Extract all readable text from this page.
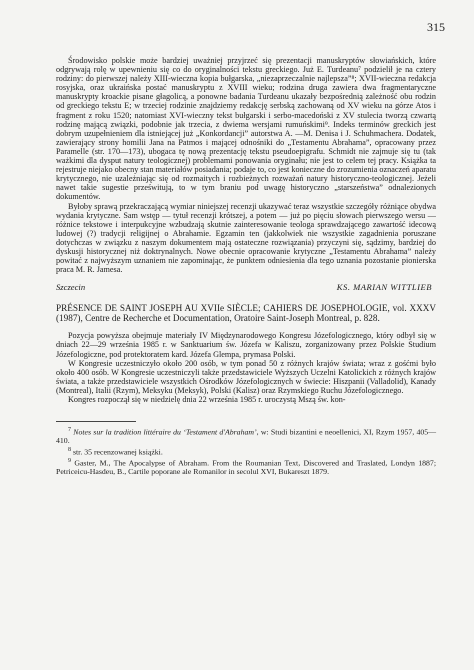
315

Środowisko polskie może bardziej uważniej przyjrzeć się prezentacji manuskryptów słowiańskich, które odgrywają rolę w upewnieniu się co do oryginalności tekstu greckiego. Już E. Turdeanu⁷ podzielił je na cztery rodziny: do pierwszej należy XIII-wieczna kopia bułgarska, „niezaprzeczalnie najlepsza”⁸; XVII-wieczna redakcja rosyjska, oraz ukraińska postać manuskryptu z XVIII wieku; rodzina druga zawiera dwa fragmentaryczne manuskrypty kroackie pisane głagolicą, a ponowne badania Turdeanu ukazały bezpośrednią zależność obu rodzin od greckiego tekstu E; w trzeciej rodzinie znajdziemy redakcję serbską zachowaną od XV wieku na górze Atos i fragment z roku 1520; natomiast XVI-wieczny tekst bułgarski i serbo-macedoński z XV stulecia tworzą czwartą rodzinę mającą związki, podobnie jak trzecia, z dwiema wersjami rumuńskimi⁹. Indeks terminów greckich jest dobrym uzupełnieniem dla istniejącej już „Konkordancji” autorstwa A. —M. Denisa i J. Schuhmachera. Dodatek, zawierający strony homilii Jana na Patmos i mającej odnośniki do „Testamentu Abrahama”, opracowany przez Paramelle (str. 170—173), ubogaca tę nową prezentację tekstu pseudoepigrafu. Schmidt nie zajmuje się tu (tak ważkimi dla dysput natury teologicznej) problemami ponowania oryginału; nie jest to celem tej pracy. Książka ta rejestruje niejako obecny stan materiałów posiadania; podaje to, co jest konieczne do zrozumienia oznaczeń aparatu krytycznego, nie uzależniając się od rozmaitych i rozbieżnych rozważań natury historyczno-teologicznej. Jeżeli nawet takie sugestie prześwitują, to w tym braniu pod uwagę historyczno „starszeństwa” odnalezionych dokumentów.

Byłoby sprawą przekraczającą wymiar niniejszej recenzji ukazywać teraz wszystkie szczegóły różniące obydwa wydania krytyczne. Sam wstęp — tytuł recenzji krótszej, a potem — już po pięciu słowach pierwszego wersu — różnice tekstowe i interpukcyjne wzbudzają skutnie zainteresowanie teologa sprawdzającego zawartość idecową ludowej (?) tradycji religijnej o Abrahamie. Egzamin ten (jakkolwiek nie wszystkie zagadnienia poruszane dotychczas w związku z naszym dokumentem mają ostateczne rozwiązania) przyczyni się, sądzimy, bardziej do dyskusji historycznej niż doktrynalnych. Nowe obecnie opracowanie krytyczne „Testamentu Abrahama” należy powitać z najwyższym uznaniem nie zapominając, że punktem odniesienia dla tego uznania pozostanie pionierska praca M. R. Jamesa.

Szczecin	KS. MARIAN WITTLIEB

PRÉSENCE DE SAINT JOSEPH AU XVIIe SIÈCLE; CAHIERS DE JOSEPHOLOGIE, vol. XXXV (1987), Centre de Recherche et Documentation, Oratoire Saint-Joseph Montreal, p. 828.

Pozycja powyższa obejmuje materiały IV Międzynarodowego Kongresu Józefologicznego, który odbył się w dniach 22—29 września 1985 r. w Sanktuarium św. Józefa w Kaliszu, zorganizowany przez Polskie Studium Józefologiczne, pod protektoratem kard. Józefa Glempa, prymasa Polski.

W Kongresie uczestniczyło około 200 osób, w tym ponad 50 z różnych krajów świata; wraz z gośćmi było około 400 osób. W Kongresie uczestniczyli także przedstawiciele Wyższych Uczelni Katolickich z różnych krajów świata, a także przedstawiciele wszystkich Ośrodków Józefologicznych w świecie: Hiszpanii (Valladolid), Kanady (Montreal), Italii (Rzym), Meksyku (Meksyk), Polski (Kalisz) oraz Rzymskiego Ruchu Józefologicznego.

Kongres rozpoczął się w niedzielę dnia 22 września 1985 r. uroczystą Mszą św. kon-

$^7$ Notes sur la tradition littéraire du ‘Testament d'Abraham’, w: Studi bizantini e neoellenici, XI, Rzym 1957, 405—410.

$^8$ str. 35 recenzowanej książki.

$^9$ Gaster, M., The Apocalypse of Abraham. From the Roumanian Text, Discovered and Traslated, Londyn 1887; Petriceicu-Hasdeu, B., Cartile poporane ale Romanilor in secolul XVI, Bukareszt 1879.
